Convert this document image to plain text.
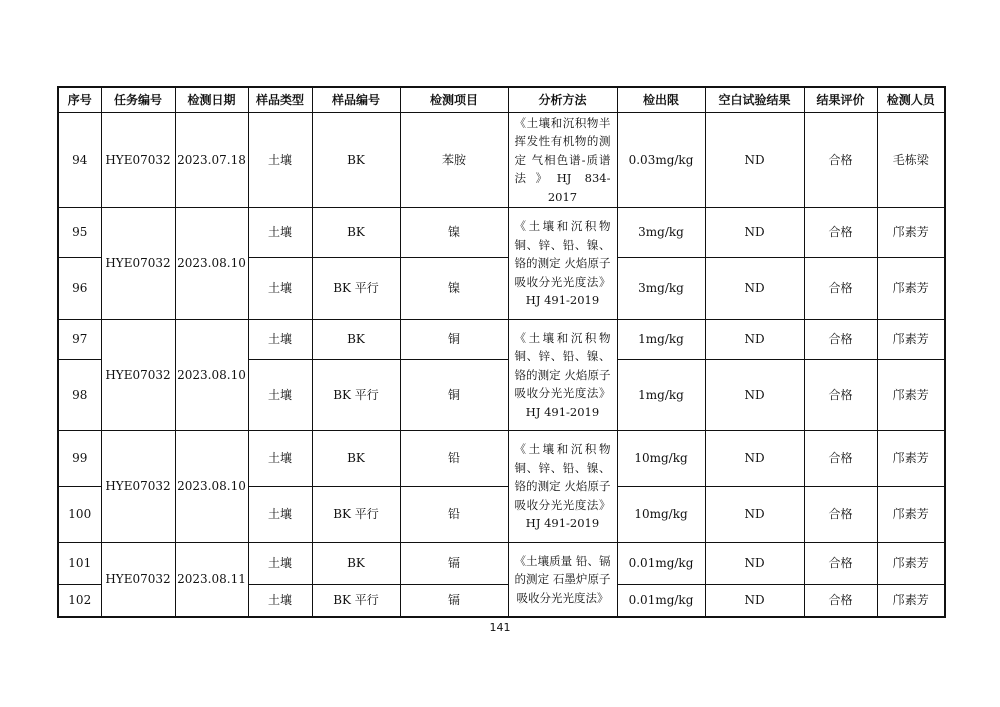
序号	任务编号	检测日期	样品类型	样品编号	检测项目	分析方法	检出限	空白试验结果	结果评价	检测人员
94	HYE07032	2023.07.18	土壤	BK	苯胺	《土壤和沉积物半挥发性有机物的测定 气相色谱-质谱法》HJ 834-2017	0.03mg/kg	ND	合格	毛栋梁
95	HYE07032	2023.08.10	土壤	BK	镍	《土壤和沉积物铜、锌、铅、镍、铬的测定 火焰原子吸收分光光度法》HJ 491-2019	3mg/kg	ND	合格	邝素芳
96			土壤	BK 平行	镍		3mg/kg	ND	合格	邝素芳
97	HYE07032	2023.08.10	土壤	BK	铜	《土壤和沉积物铜、锌、铅、镍、铬的测定 火焰原子吸收分光光度法》HJ 491-2019	1mg/kg	ND	合格	邝素芳
98			土壤	BK 平行	铜		1mg/kg	ND	合格	邝素芳
99	HYE07032	2023.08.10	土壤	BK	铅	《土壤和沉积物铜、锌、铅、镍、铬的测定 火焰原子吸收分光光度法》HJ 491-2019	10mg/kg	ND	合格	邝素芳
100			土壤	BK 平行	铅		10mg/kg	ND	合格	邝素芳
101	HYE07032	2023.08.11	土壤	BK	镉	《土壤质量 铅、镉的测定 石墨炉原子吸收分光光度法》	0.01mg/kg	ND	合格	邝素芳
102			土壤	BK 平行	镉		0.01mg/kg	ND	合格	邝素芳
141
